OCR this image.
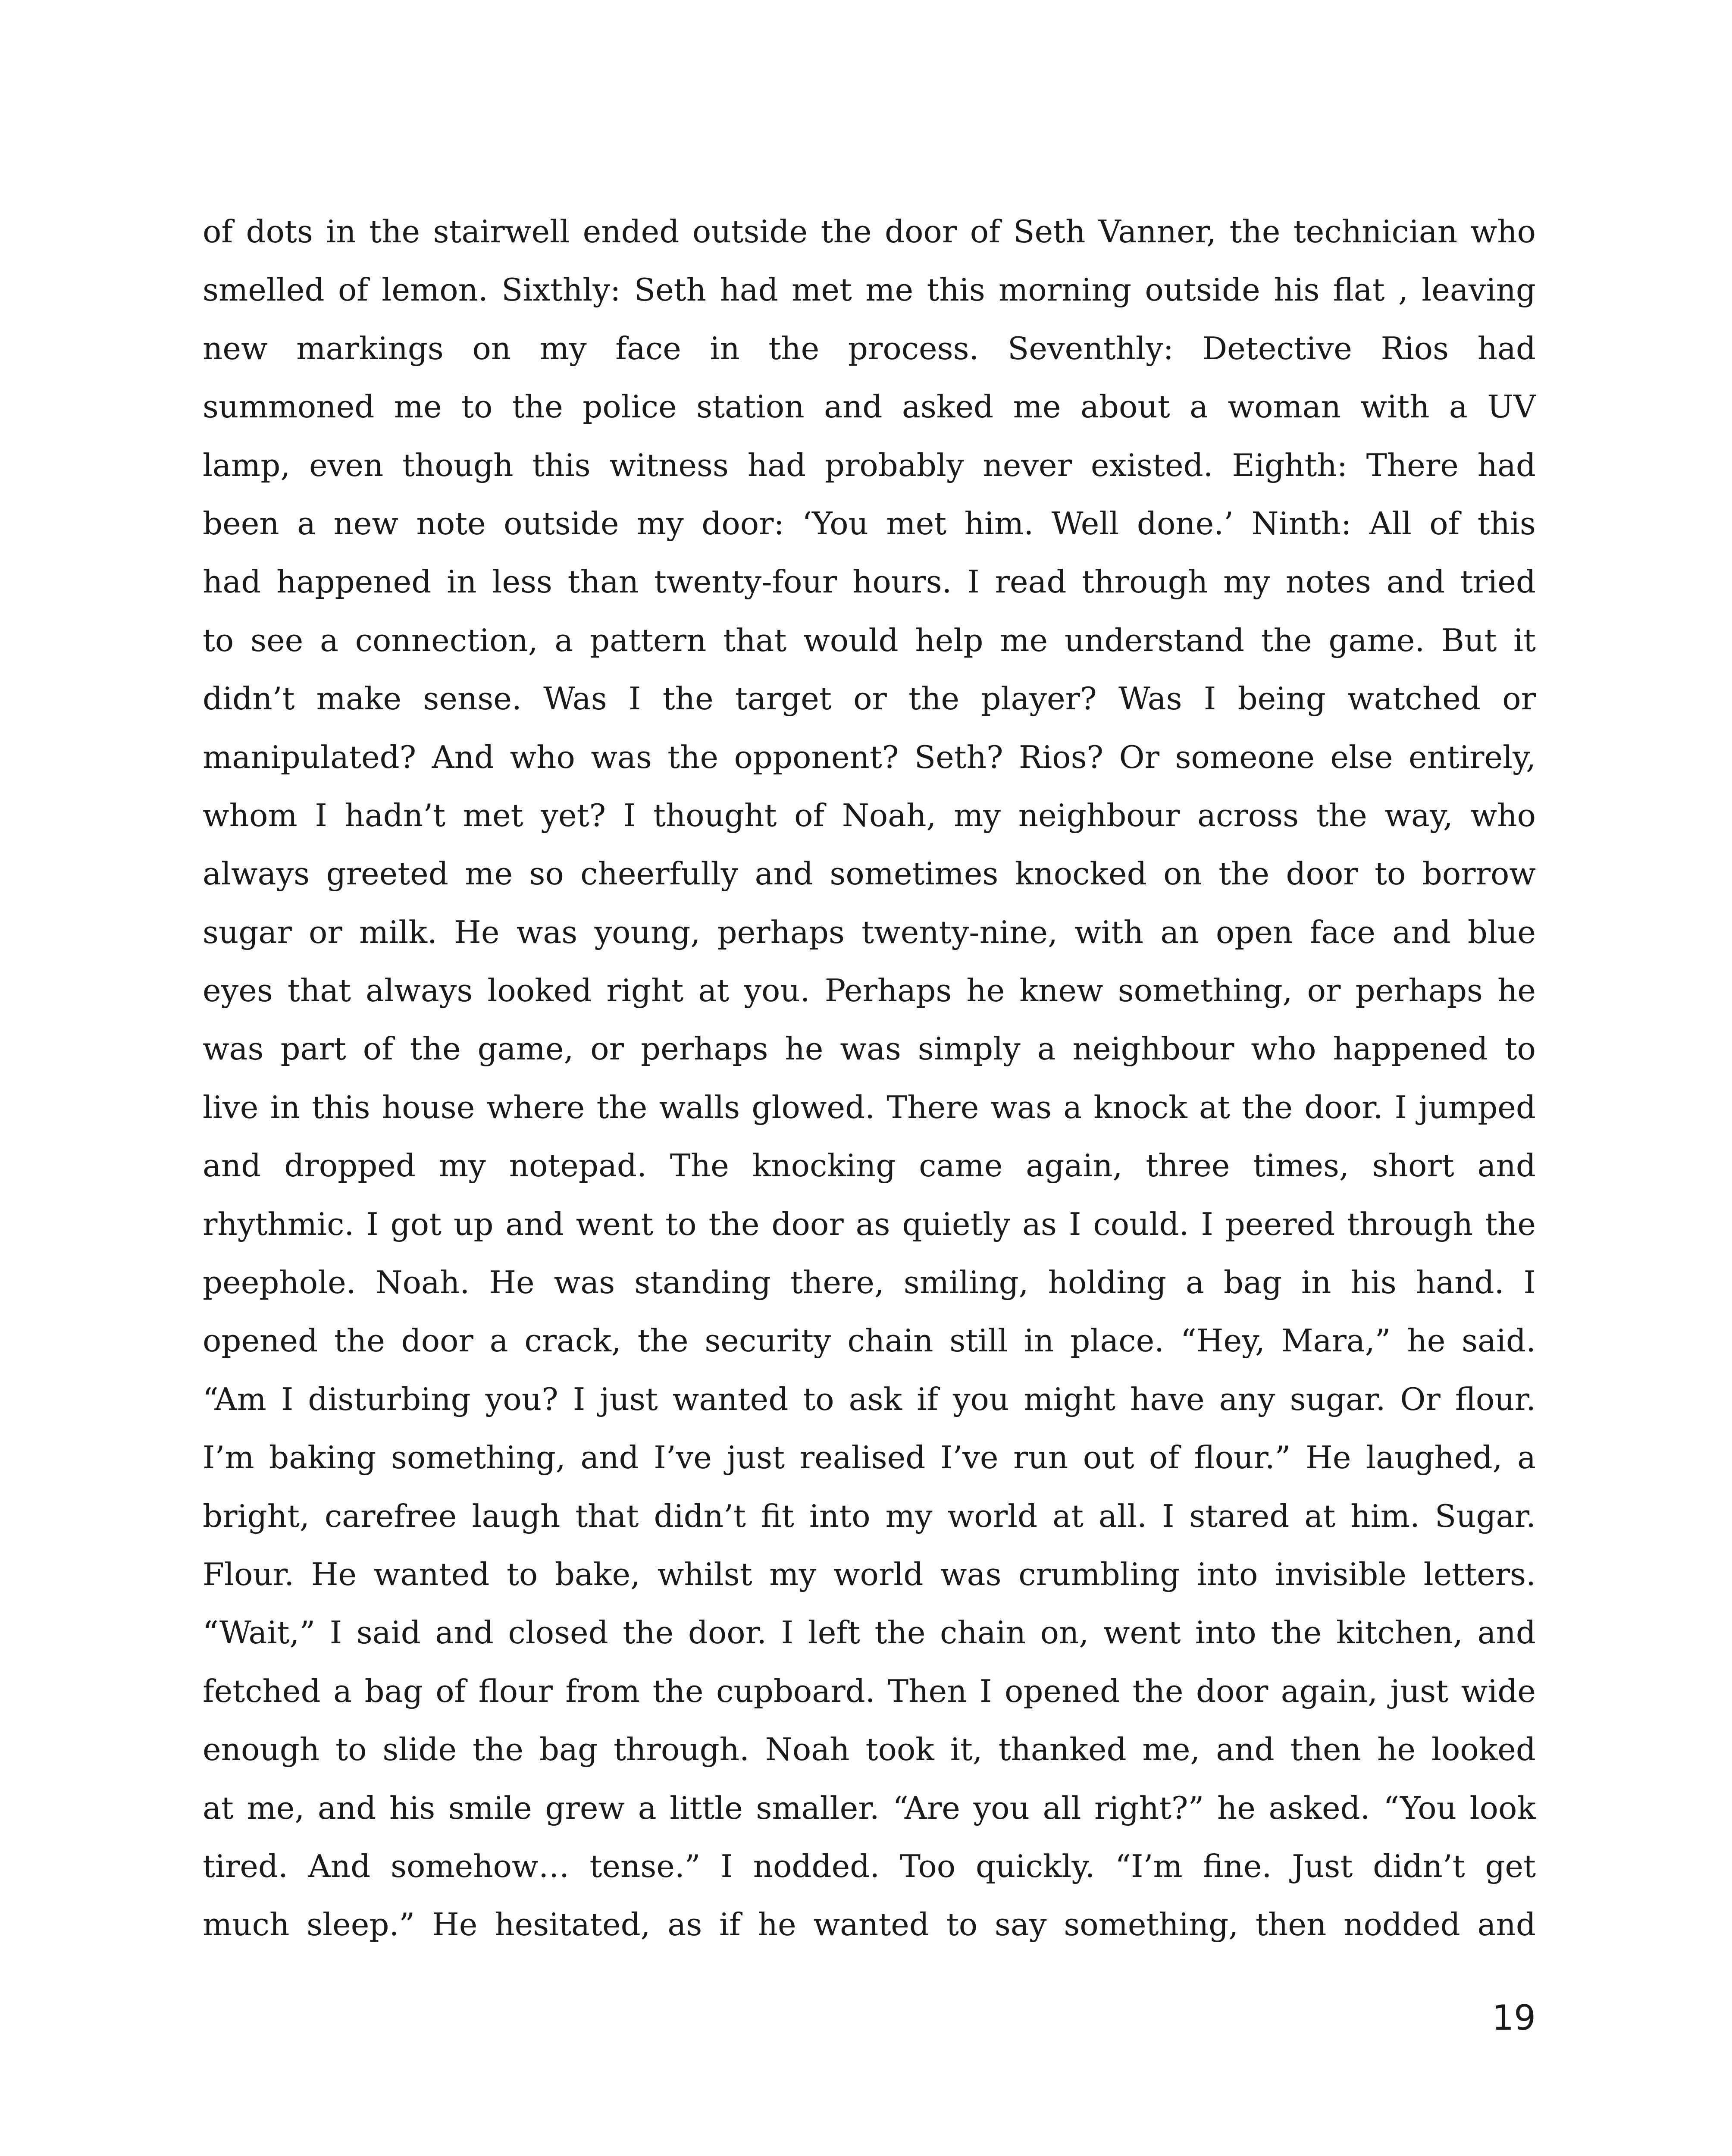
of dots in the stairwell ended outside the door of Seth Vanner, the technician who
smelled of lemon. Sixthly: Seth had met me this morning outside his flat , leaving
new markings on my face in the process. Seventhly: Detective Rios had
summoned me to the police station and asked me about a woman with a UV
lamp, even though this witness had probably never existed. Eighth: There had
been a new note outside my door: ‘You met him. Well done.’ Ninth: All of this
had happened in less than twenty-four hours. I read through my notes and tried
to see a connection, a pattern that would help me understand the game. But it
didn’t make sense. Was I the target or the player? Was I being watched or
manipulated? And who was the opponent? Seth? Rios? Or someone else entirely,
whom I hadn’t met yet? I thought of Noah, my neighbour across the way, who
always greeted me so cheerfully and sometimes knocked on the door to borrow
sugar or milk. He was young, perhaps twenty-nine, with an open face and blue
eyes that always looked right at you. Perhaps he knew something, or perhaps he
was part of the game, or perhaps he was simply a neighbour who happened to
live in this house where the walls glowed. There was a knock at the door. I jumped
and dropped my notepad. The knocking came again, three times, short and
rhythmic. I got up and went to the door as quietly as I could. I peered through the
peephole. Noah. He was standing there, smiling, holding a bag in his hand. I
opened the door a crack, the security chain still in place. “Hey, Mara,” he said.
“Am I disturbing you? I just wanted to ask if you might have any sugar. Or flour.
I’m baking something, and I’ve just realised I’ve run out of flour.” He laughed, a
bright, carefree laugh that didn’t fit into my world at all. I stared at him. Sugar.
Flour. He wanted to bake, whilst my world was crumbling into invisible letters.
“Wait,” I said and closed the door. I left the chain on, went into the kitchen, and
fetched a bag of flour from the cupboard. Then I opened the door again, just wide
enough to slide the bag through. Noah took it, thanked me, and then he looked
at me, and his smile grew a little smaller. “Are you all right?” he asked. “You look
tired. And somehow… tense.” I nodded. Too quickly. “I’m fine. Just didn’t get
much sleep.” He hesitated, as if he wanted to say something, then nodded and
19
